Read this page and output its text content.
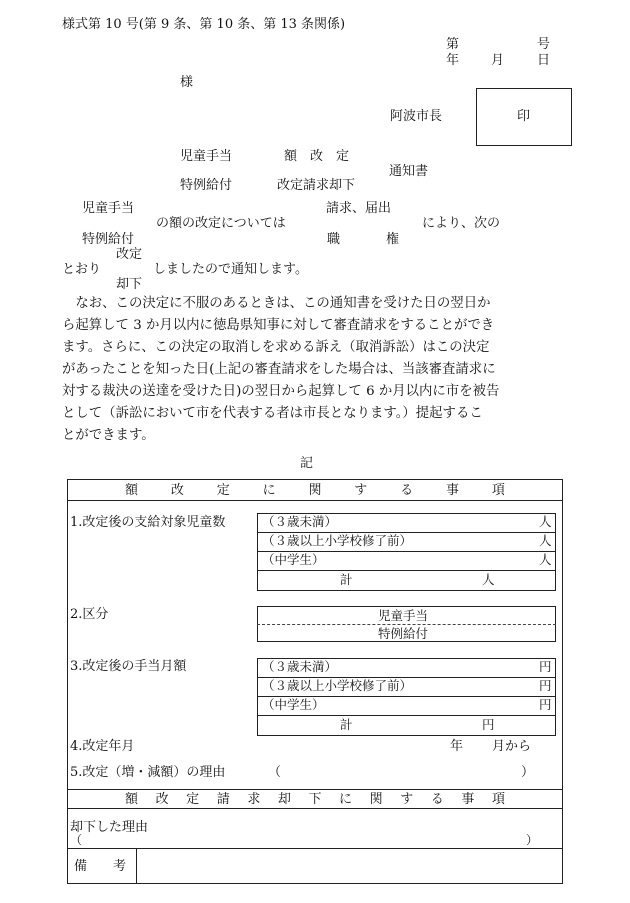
様式第 10 号(第 9 条、第 10 条、第 13 条関係)
第	号
年 月	日
様
阿波市長	印
児童手当	額　改　定
通知書
特例給付	改定請求却下
児童手当	請求、届出
の額の改定については	により、次の
特例給付	職	権
改定
とおり	しましたので通知します。
却下

なお、この決定に不服のあるときは、この通知書を受けた日の翌日か

ら起算して 3 か月以内に徳島県知事に対して審査請求をすることができ

ます。さらに、この決定の取消しを求める訴え（取消訴訟）はこの決定

があったことを知った日(上記の審査請求をした場合は、当該審査請求に

対する裁決の送達を受けた日)の翌日から起算して 6 か月以内に市を被告

として（訴訟において市を代表する者は市長となります。）提起するこ

とができます。

記
額	改	定	に	関	す	る	事	項
1.改定後の支給対象児童数	（３歳未満）	人
（３歳以上小学校修了前）	人
（中学生）	人
計	人
2.区分	児童手当
特例給付
3.改定後の手当月額	（３歳未満）	円
（３歳以上小学校修了前）	円
（中学生）	円
計	円
4.改定年月	年 月から
5.改定（増・減額）の理由	（	）
額 改 定 請 求 却 下 に 関 す る 事 項
却下した理由
（	）
備　　考
